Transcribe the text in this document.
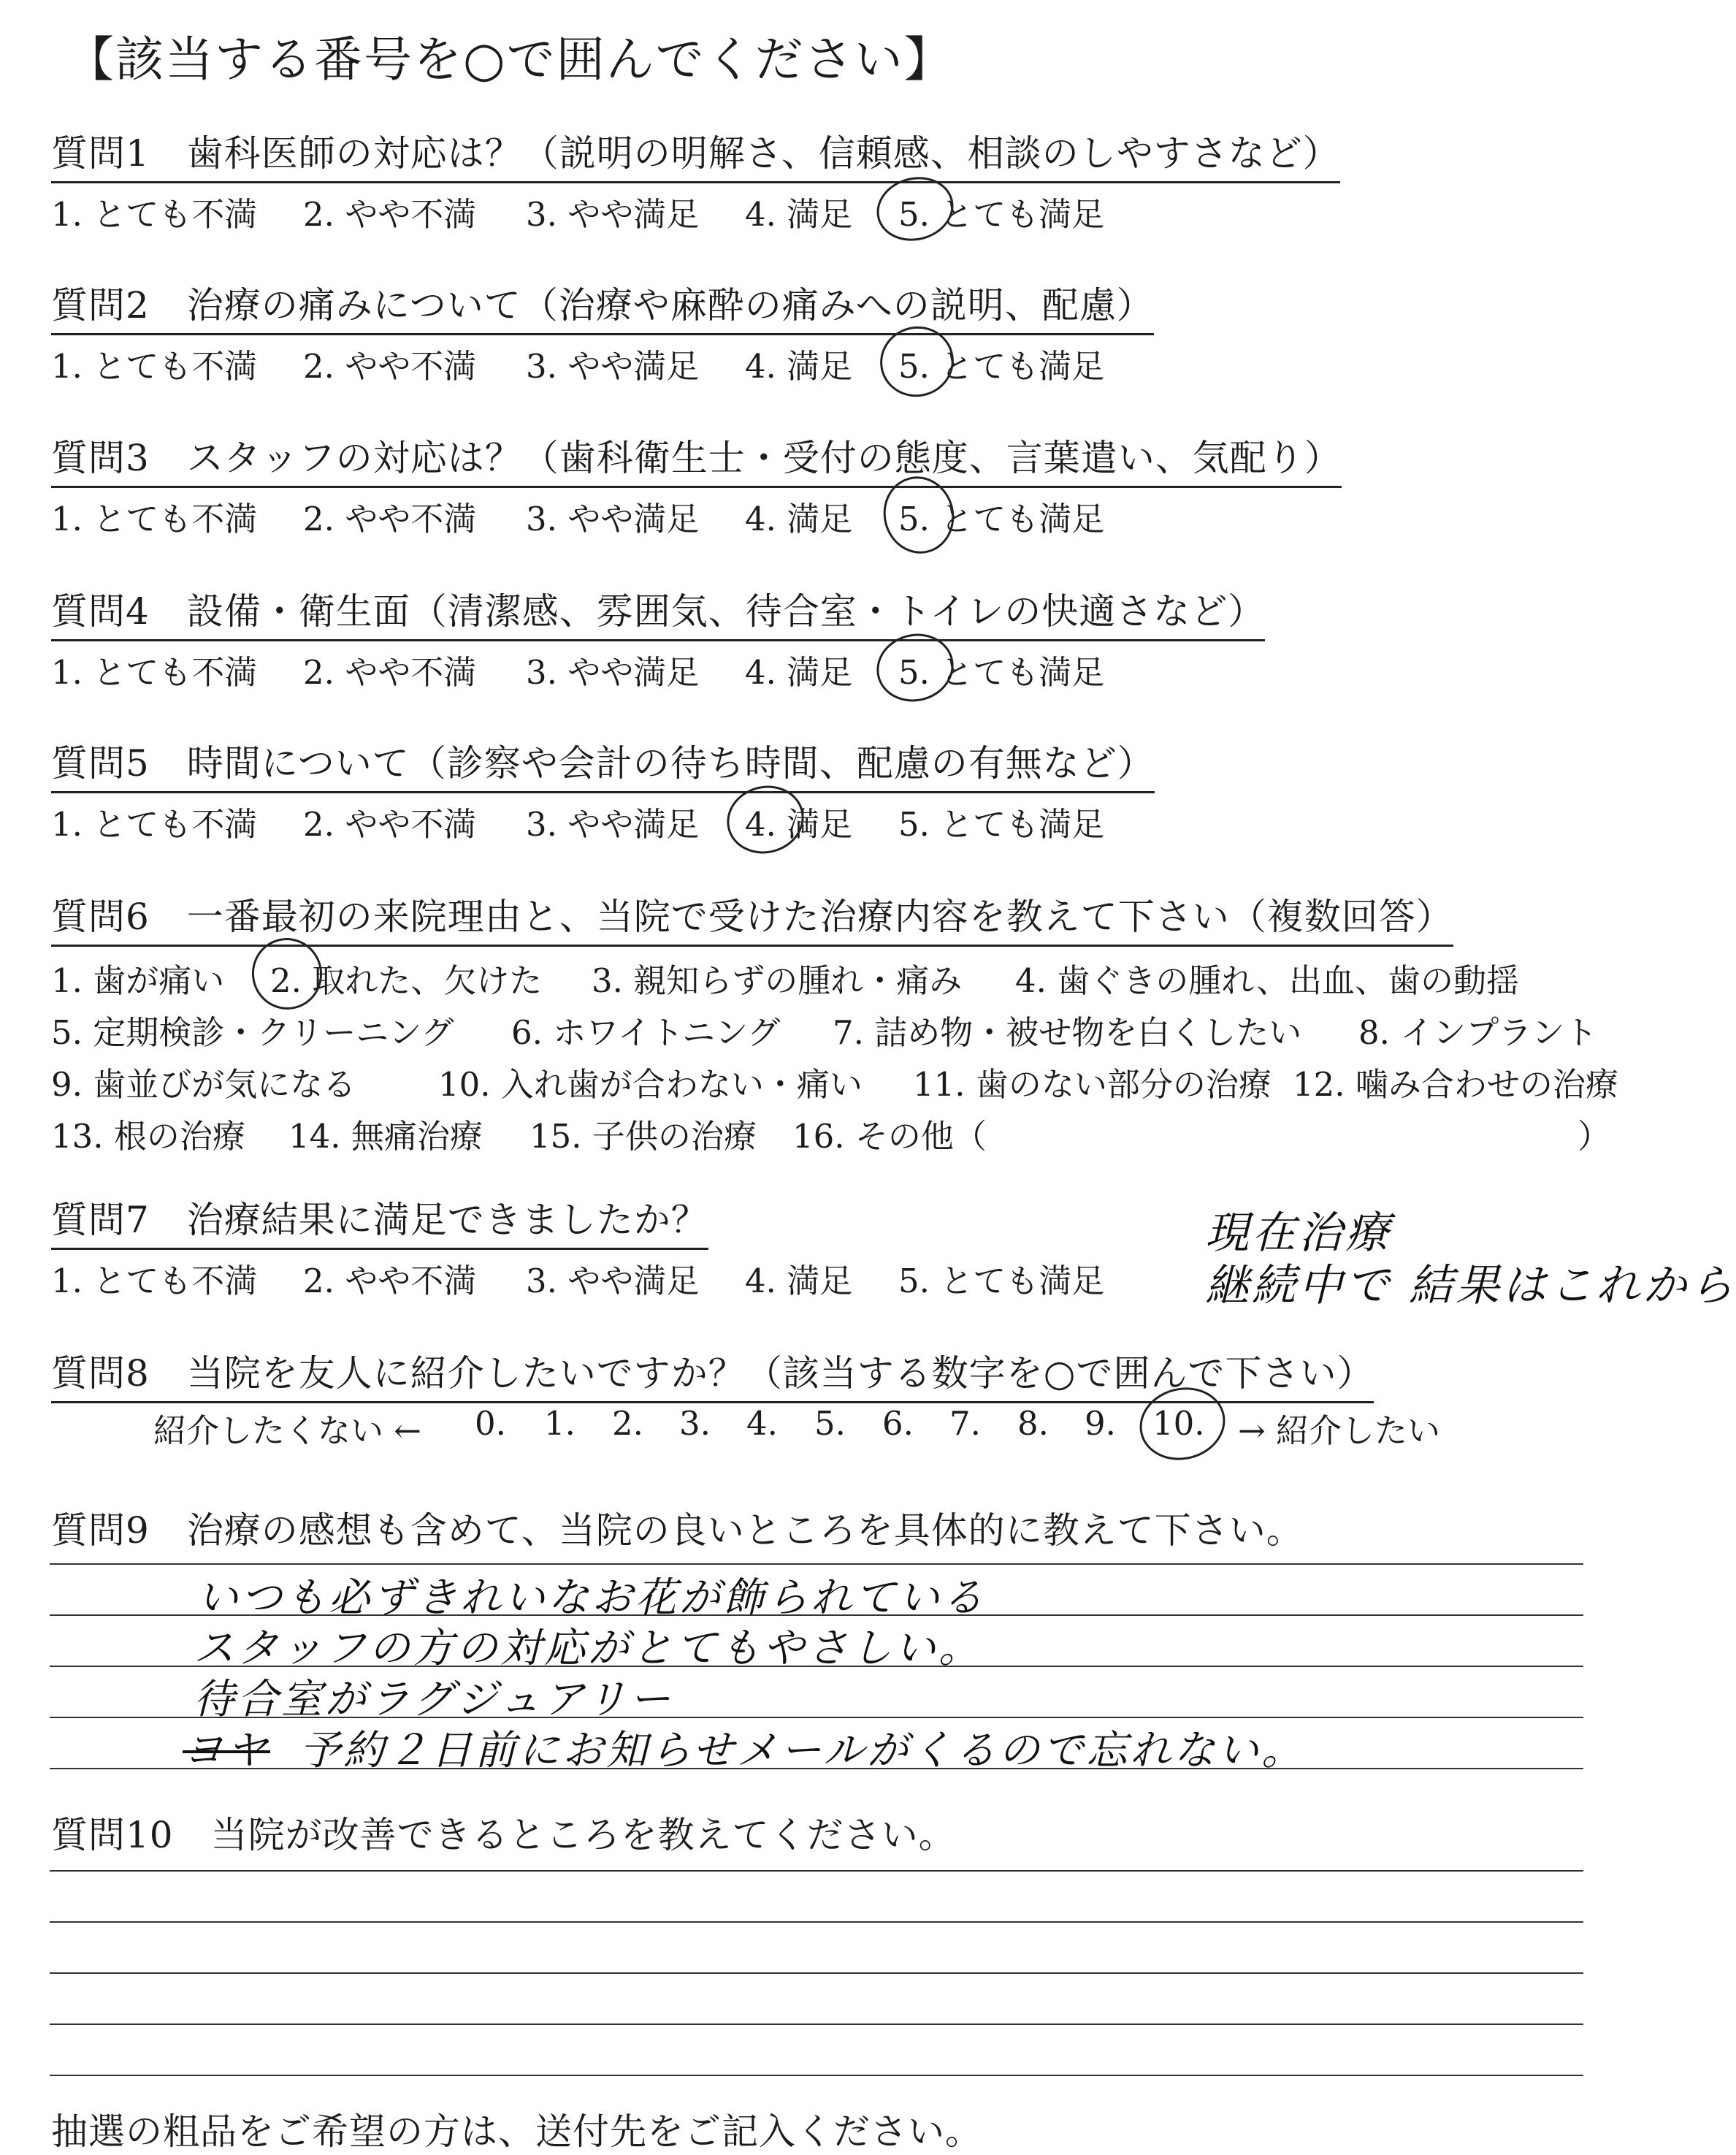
【該当する番号を○で囲んでください】
質問1　歯科医師の対応は？（説明の明解さ、信頼感、相談のしやすさなど）
1. とても不満 2. やや不満 3. やや満足 4. 満足 5. とても満足
質問2　治療の痛みについて（治療や麻酔の痛みへの説明、配慮）
1. とても不満 2. やや不満 3. やや満足 4. 満足 5. とても満足
質問3　スタッフの対応は？（歯科衛生士・受付の態度、言葉遣い、気配り）
1. とても不満 2. やや不満 3. やや満足 4. 満足 5. とても満足
質問4　設備・衛生面（清潔感、雰囲気、待合室・トイレの快適さなど）
1. とても不満 2. やや不満 3. やや満足 4. 満足 5. とても満足
質問5　時間について（診察や会計の待ち時間、配慮の有無など）
1. とても不満 2. やや不満 3. やや満足 4. 満足 5. とても満足
質問6　一番最初の来院理由と、当院で受けた治療内容を教えて下さい（複数回答）
1. 歯が痛い 2. 取れた、欠けた 3. 親知らずの腫れ・痛み 4. 歯ぐきの腫れ、出血、歯の動揺
5. 定期検診・クリーニング 6. ホワイトニング 7. 詰め物・被せ物を白くしたい 8. インプラント
9. 歯並びが気になる	10. 入れ歯が合わない・痛い 11. 歯のない部分の治療 12. 噛み合わせの治療
13. 根の治療 14. 無痛治療 15. 子供の治療 16. その他（	）
質問7　治療結果に満足できましたか？
1. とても不満 2. やや不満 3. やや満足 4. 満足 5. とても満足
現在治療
継続中で 結果はこれから
質問8　当院を友人に紹介したいですか？（該当する数字を○で囲んで下さい）
紹介したくない ← 0. 1. 2. 3. 4. 5. 6. 7. 8. 9. 10. → 紹介したい
質問9　治療の感想も含めて、当院の良いところを具体的に教えて下さい。
いつも必ずきれいなお花が飾られている
スタッフの方の対応がとてもやさしい。
待合室がラグジュアリー
ヨヤ 予約２日前にお知らせメールがくるので忘れない。
質問10　当院が改善できるところを教えてください。
抽選の粗品をご希望の方は、送付先をご記入ください。
